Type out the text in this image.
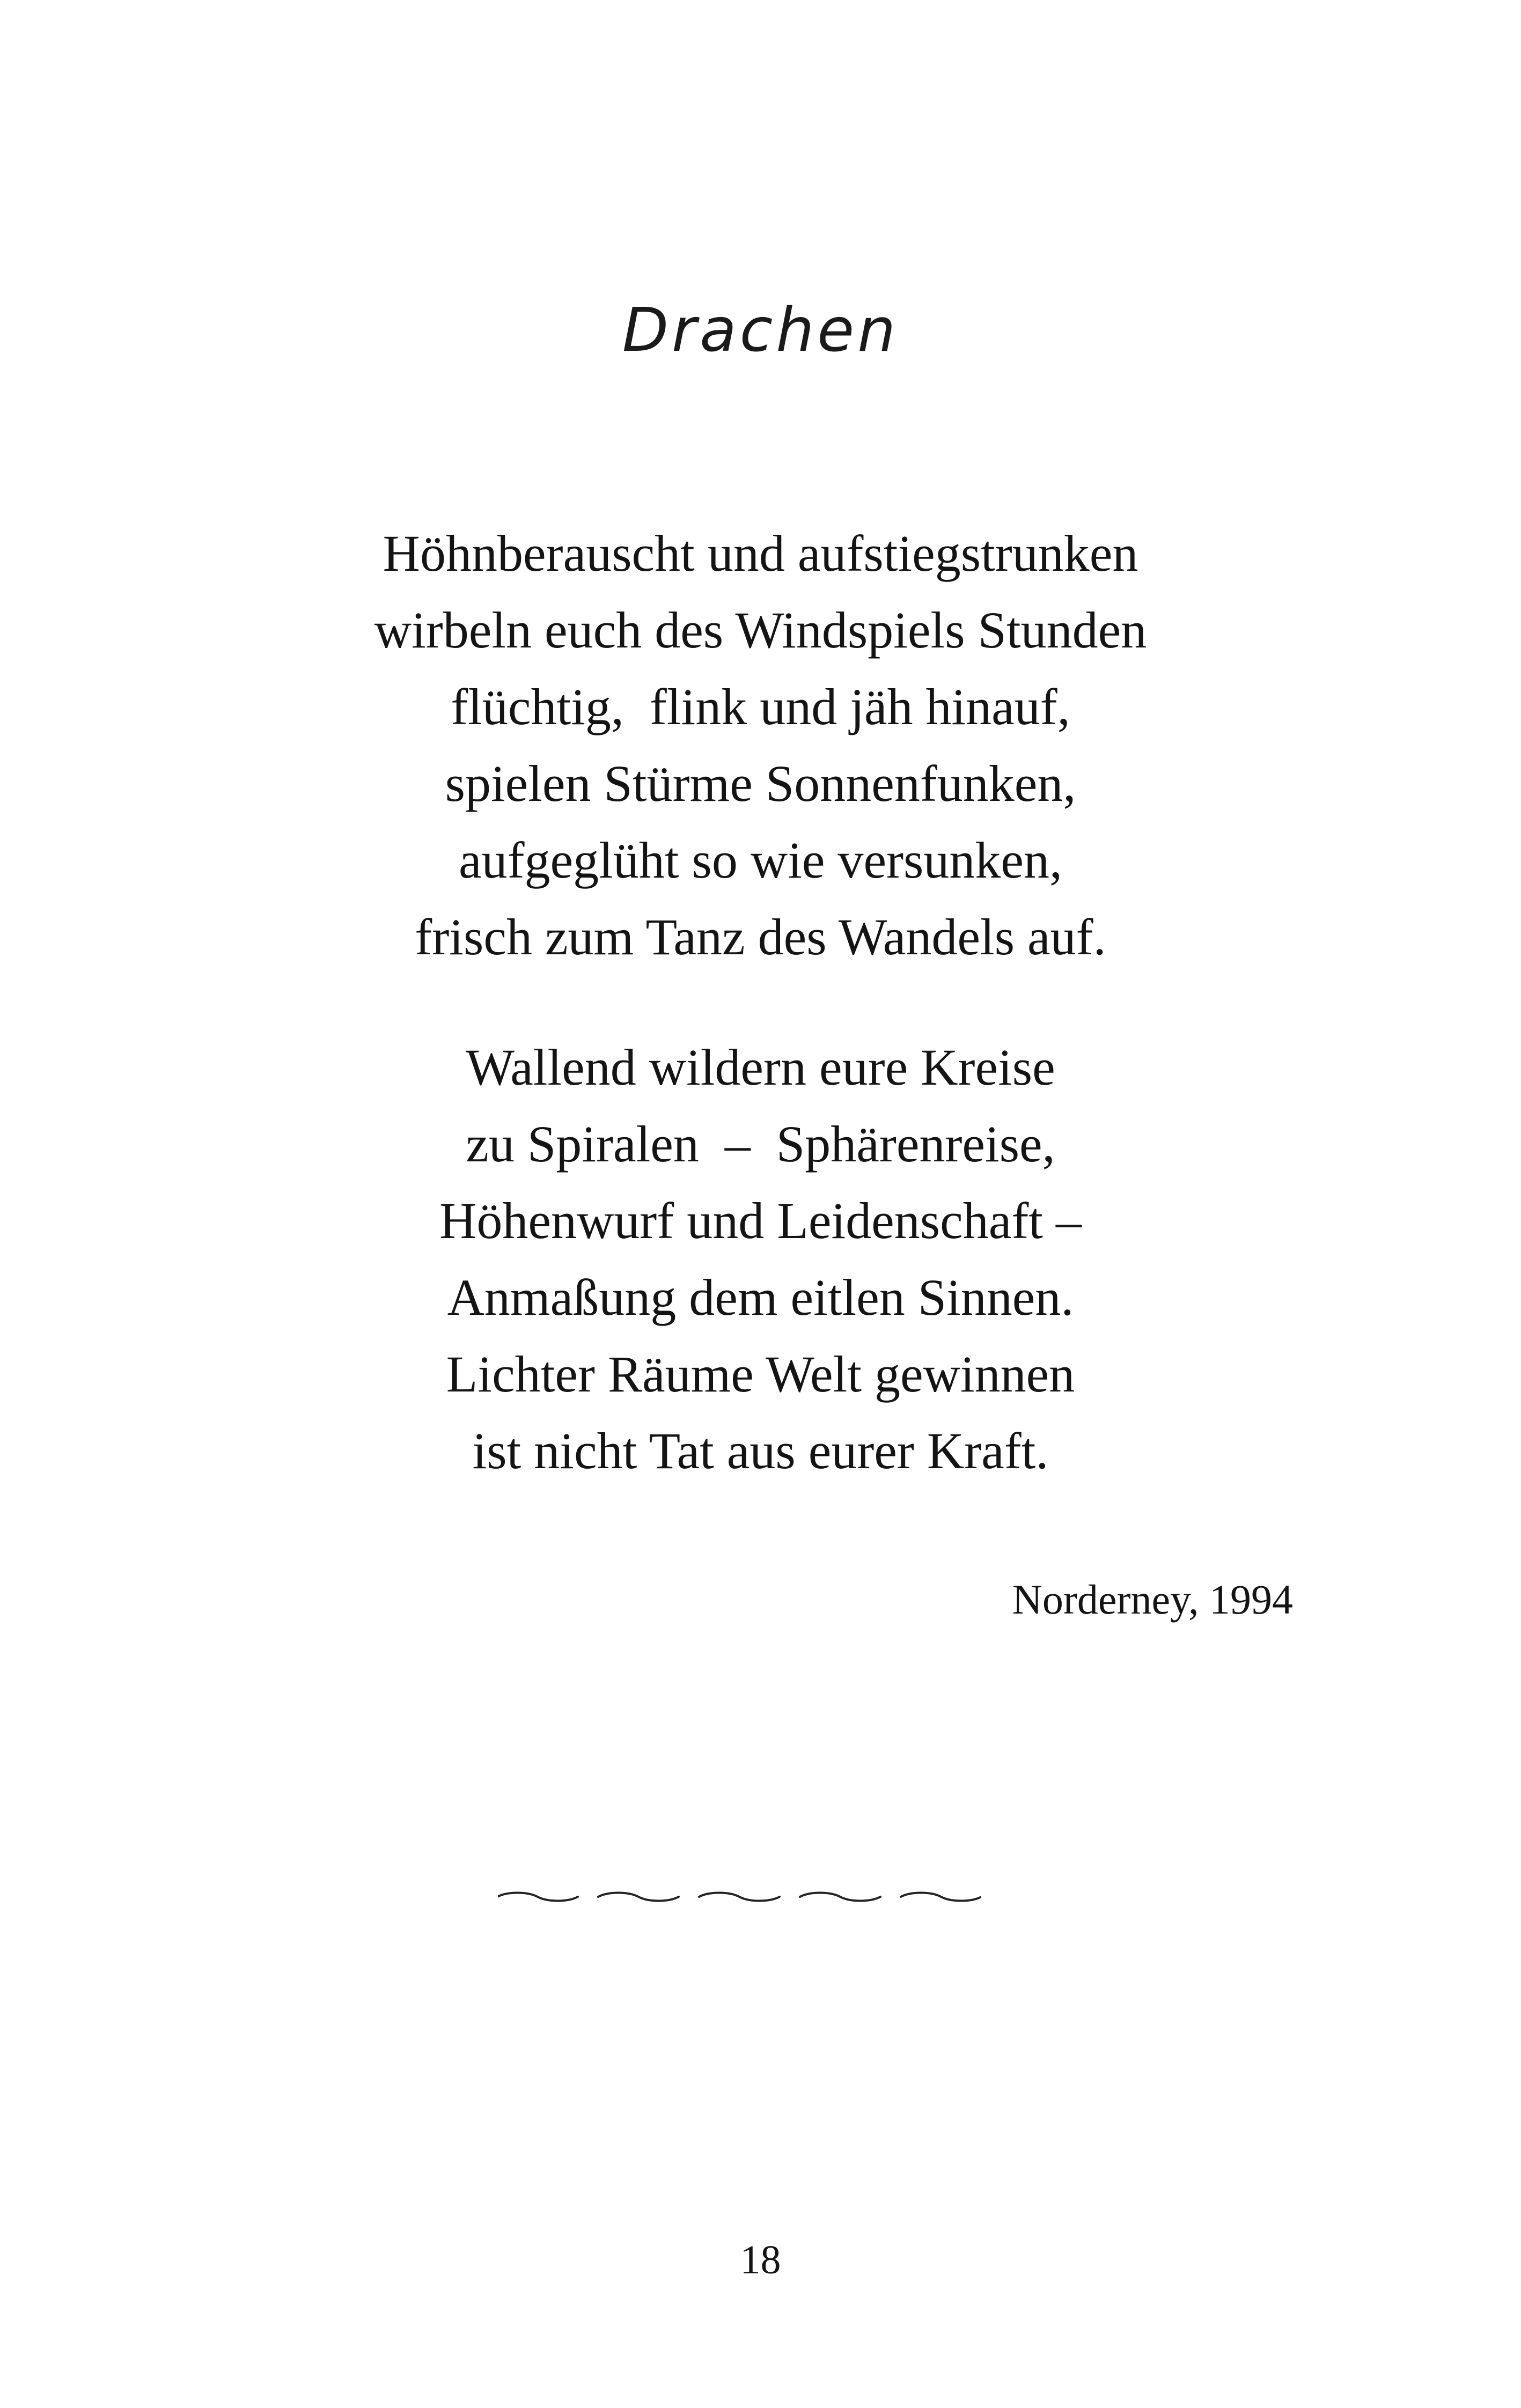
Drachen
Höhnberauscht und aufstiegstrunken
wirbeln euch des Windspiels Stunden
flüchtig,  flink und jäh hinauf,
spielen Stürme Sonnenfunken,
aufgeglüht so wie versunken,
frisch zum Tanz des Wandels auf.
Wallend wildern eure Kreise
zu Spiralen  –  Sphärenreise,
Höhenwurf und Leidenschaft –
Anmaßung dem eitlen Sinnen.
Lichter Räume Welt gewinnen
ist nicht Tat aus eurer Kraft.
Norderney, 1994
18
